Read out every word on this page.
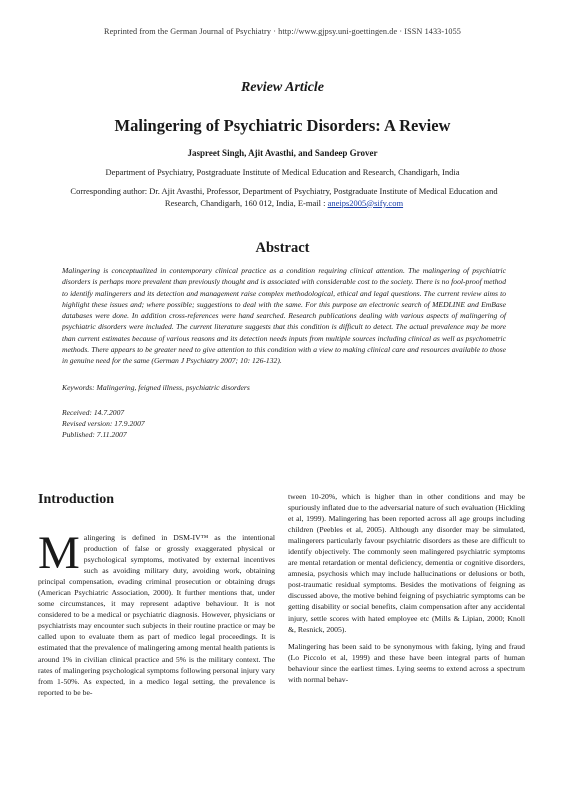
Reprinted from the German Journal of Psychiatry · http://www.gjpsy.uni-goettingen.de · ISSN 1433-1055
Review Article
Malingering of Psychiatric Disorders: A Review
Jaspreet Singh, Ajit Avasthi, and Sandeep Grover
Department of Psychiatry, Postgraduate Institute of Medical Education and Research, Chandigarh, India
Corresponding author: Dr. Ajit Avasthi, Professor, Department of Psychiatry, Postgraduate Institute of Medical Education and Research, Chandigarh, 160 012, India, E-mail : aneips2005@sify.com
Abstract
Malingering is conceptualized in contemporary clinical practice as a condition requiring clinical attention. The malingering of psychiatric disorders is perhaps more prevalent than previously thought and is associated with considerable cost to the society. There is no fool-proof method to identify malingerers and its detection and management raise complex methodological, ethical and legal questions. The current review aims to highlight these issues and; where possible; suggestions to deal with the same. For this purpose an electronic search of MEDLINE and EmBase databases were done. In addition cross-references were hand searched. Research publications dealing with various aspects of malingering of psychiatric disorders were included. The current literature suggests that this condition is difficult to detect. The actual prevalence may be more than current estimates because of various reasons and its detection needs inputs from multiple sources including clinical as well as psychometric methods. There appears to be greater need to give attention to this condition with a view to making clinical care and resources available to those in genuine need for the same (German J Psychiatry 2007; 10: 126-132).
Keywords: Malingering, feigned illness, psychiatric disorders
Received: 14.7.2007
Revised version: 17.9.2007
Published: 7.11.2007
Introduction

Malingering is defined in DSM-IV™ as the intentional production of false or grossly exaggerated physical or psychological symptoms, motivated by external incentives such as avoiding military duty, avoiding work, obtaining principal compensation, evading criminal prosecution or obtaining drugs (American Psychiatric Association, 2000). It further mentions that, under some circumstances, it may represent adaptive behaviour. It is not considered to be a medical or psychiatric diagnosis. However, physicians or psychiatrists may encounter such subjects in their routine practice or may be called upon to evaluate them as part of medico legal proceedings. It is estimated that the prevalence of malingering among mental health patients is around 1% in civilian clinical practice and 5% is the military context. The rates of malingering psychological symptoms following personal injury vary from 1-50%. As expected, in a medico legal setting, the prevalence is reported to be be-

tween 10-20%, which is higher than in other conditions and may be spuriously inflated due to the adversarial nature of such evaluation (Hickling et al, 1999). Malingering has been reported across all age groups including children (Peebles et al, 2005). Although any disorder may be simulated, malingerers particularly favour psychiatric disorders as these are difficult to identify objectively. The commonly seen malingered psychiatric symptoms are mental retardation or mental deficiency, dementia or cognitive disorders, amnesia, psychosis which may include hallucinations or delusions or both, post-traumatic residual symptoms. Besides the motivations of feigning as discussed above, the motive behind feigning of psychiatric symptoms can be getting disability or social benefits, claim compensation after any accidental injury, settle scores with hated employee etc (Mills & Lipian, 2000; Knoll &, Resnick, 2005).

Malingering has been said to be synonymous with faking, lying and fraud (Lo Piccolo et al, 1999) and these have been integral parts of human behaviour since the earliest times. Lying seems to extend across a spectrum with normal behav-
